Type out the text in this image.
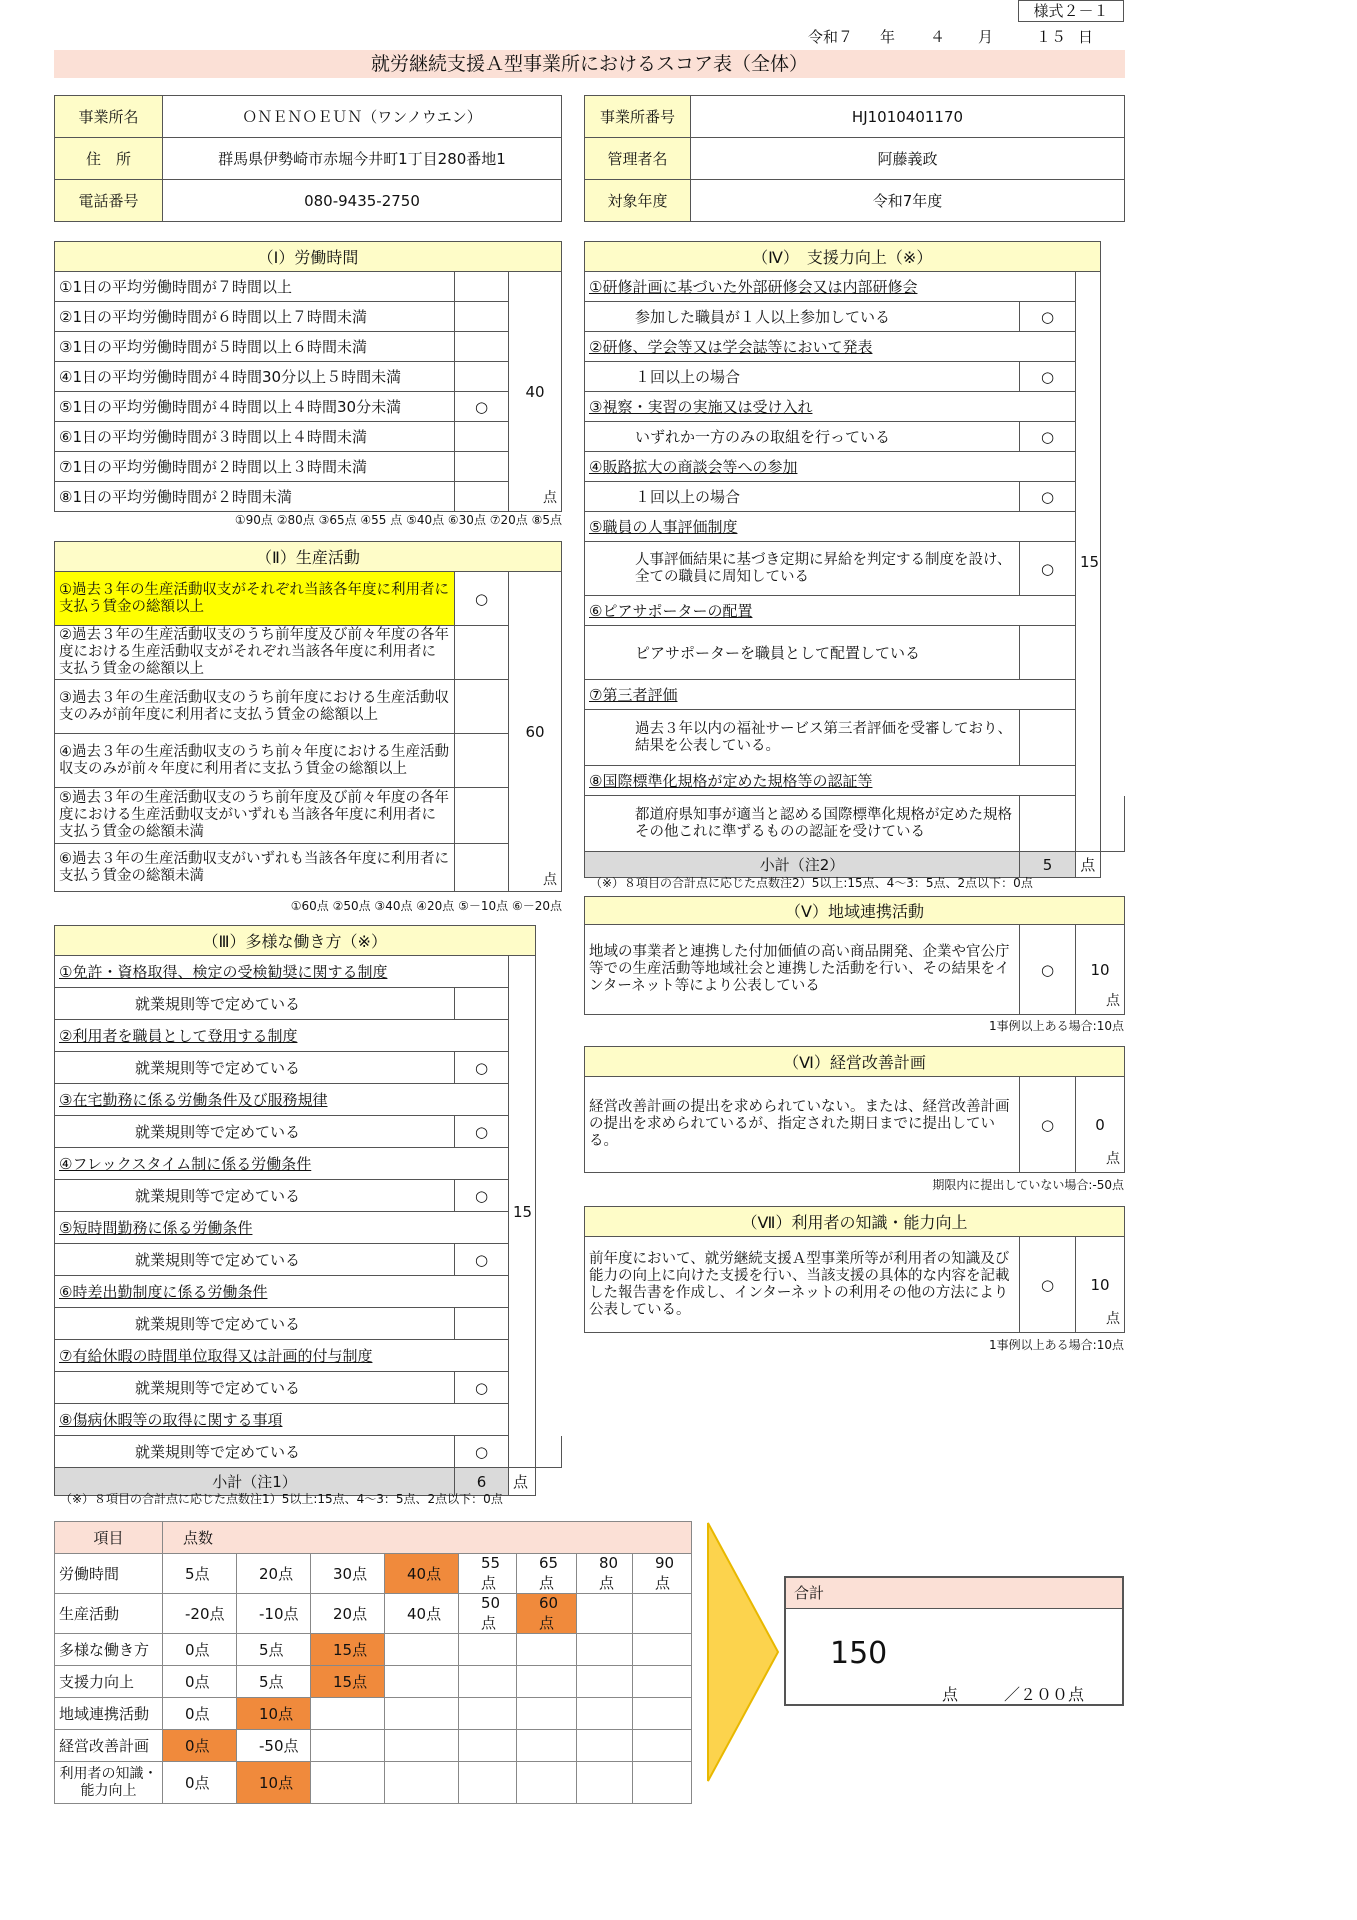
様式２－１
令和７ 年 ４ 月	１５ 日
就労継続支援Ａ型事業所におけるスコア表（全体）
事業所名	ＯＮＥＮＯＥＵＮ（ワンノウエン）
住　所	群馬県伊勢崎市赤堀今井町1丁目280番地1
電話番号	080-9435-2750
事業所番号	HJ1010401170
管理者名	阿藤義政
対象年度	令和7年度
（Ⅰ）労働時間		
①1日の平均労働時間が７時間以上		40
点

②1日の平均労働時間が６時間以上７時間未満		
③1日の平均労働時間が５時間以上６時間未満		
④1日の平均労働時間が４時間30分以上５時間未満		
⑤1日の平均労働時間が４時間以上４時間30分未満	○	
⑥1日の平均労働時間が３時間以上４時間未満		
⑦1日の平均労働時間が２時間以上３時間未満		
⑧1日の平均労働時間が２時間未満		
①90点 ②80点 ③65点 ④55 点 ⑤40点 ⑥30点 ⑦20点 ⑧5点
（Ⅱ）生産活動		
①過去３年の生産活動収支がそれぞれ当該各年度に利用者に支払う賃金の総額以上	○	60
点

②過去３年の生産活動収支のうち前年度及び前々年度の各年度における生産活動収支がそれぞれ当該各年度に利用者に支払う賃金の総額以上		
③過去３年の生産活動収支のうち前年度における生産活動収支のみが前年度に利用者に支払う賃金の総額以上		
④過去３年の生産活動収支のうち前々年度における生産活動収支のみが前々年度に利用者に支払う賃金の総額以上		
⑤過去３年の生産活動収支のうち前年度及び前々年度の各年度における生産活動収支がいずれも当該各年度に利用者に支払う賃金の総額未満		
⑥過去３年の生産活動収支がいずれも当該各年度に利用者に支払う賃金の総額未満		
①60点 ②50点 ③40点 ④20点 ⑤－10点 ⑥－20点
（Ⅲ）多様な働き方（※）			
①免許・資格取得、検定の受検勧奨に関する制度		15	
就業規則等で定めている			
②利用者を職員として登用する制度			
就業規則等で定めている	○		
③在宅勤務に係る労働条件及び服務規律			
就業規則等で定めている	○		
④フレックスタイム制に係る労働条件			
就業規則等で定めている	○		
⑤短時間勤務に係る労働条件			
就業規則等で定めている	○		
⑥時差出勤制度に係る労働条件			
就業規則等で定めている			
⑦有給休暇の時間単位取得又は計画的付与制度			
就業規則等で定めている	○		
⑧傷病休暇等の取得に関する事項			
就業規則等で定めている	○		
小計（注1）	6	点	
（※）８項目の合計点に応じた点数注1）5以上:15点、4～3：5点、2点以下：0点
（Ⅳ）　支援力向上（※）			
①研修計画に基づいた外部研修会又は内部研修会		15	
参加した職員が１人以上参加している	○		
②研修、学会等又は学会誌等において発表			
１回以上の場合	○		
③視察・実習の実施又は受け入れ			
いずれか一方のみの取組を行っている	○		
④販路拡大の商談会等への参加			
１回以上の場合	○		
⑤職員の人事評価制度			
人事評価結果に基づき定期に昇給を判定する制度を設け、全ての職員に周知している	○		
⑥ピアサポーターの配置			
ピアサポーターを職員として配置している			
⑦第三者評価			
過去３年以内の福祉サービス第三者評価を受審しており、結果を公表している。			
⑧国際標準化規格が定めた規格等の認証等			
都道府県知事が適当と認める国際標準化規格が定めた規格その他これに準ずるものの認証を受けている			
小計（注2）	5	点	
（※）８項目の合計点に応じた点数注2）5以上:15点、4～3：5点、2点以下：0点
（Ⅴ）地域連携活動
地域の事業者と連携した付加価値の高い商品開発、企業や官公庁等での生産活動等地域社会と連携した活動を行い、その結果をインターネット等により公表している	○	10
点
1事例以上ある場合:10点
（Ⅵ）経営改善計画
経営改善計画の提出を求められていない。または、経営改善計画の提出を求められているが、指定された期日までに提出している。	○	0
点
期限内に提出していない場合:-50点
（Ⅶ）利用者の知識・能力向上
前年度において、就労継続支援Ａ型事業所等が利用者の知識及び能力の向上に向けた支援を行い、当該支援の具体的な内容を記載した報告書を作成し、インターネットの利用その他の方法により公表している。	○	10
点
1事例以上ある場合:10点
項目	点数							
労働時間	5点	20点	30点	40点	55点	65点	80点	90点
生産活動	-20点	-10点	20点	40点	50点	60点		
多様な働き方	0点	5点	15点					
支援力向上	0点	5点	15点					
地域連携活動	0点	10点						
経営改善計画	0点	-50点						
利用者の知識・能力向上	0点	10点						
合計
150
点	／２００点
